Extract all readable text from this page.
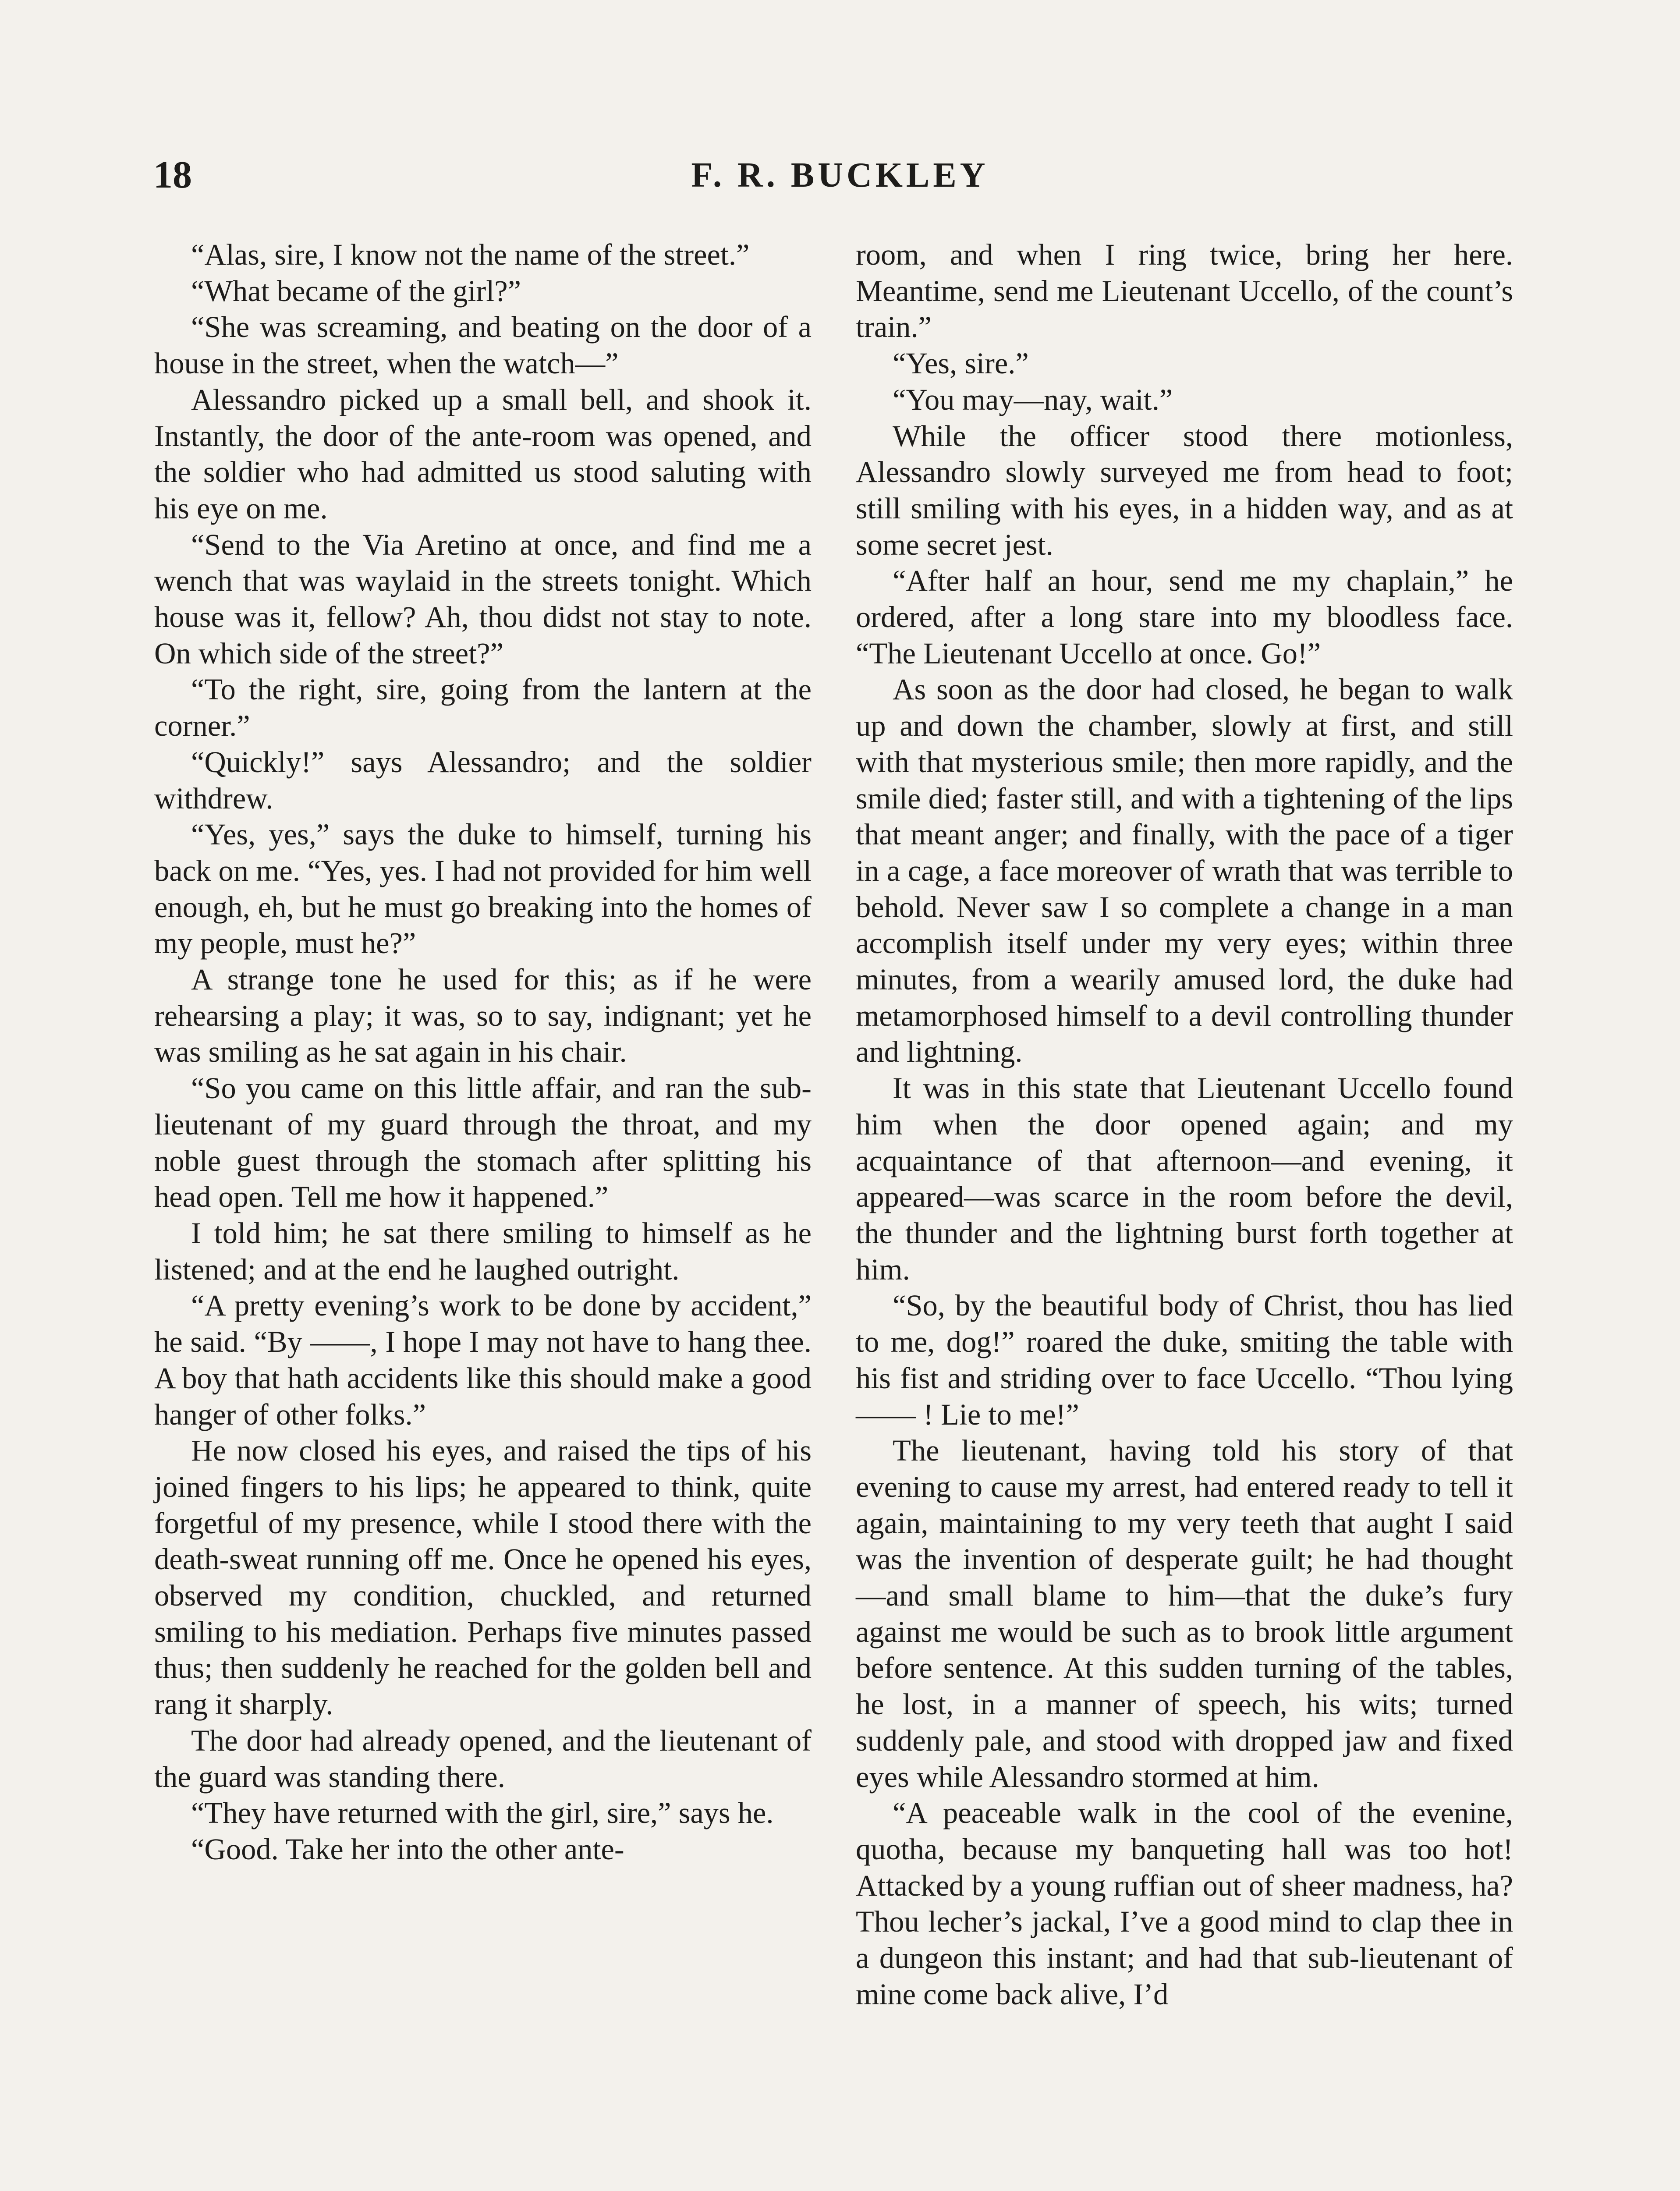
18	F. R. BUCKLEY

“Alas, sire, I know not the name of the street.”

“What became of the girl?”

“She was screaming, and beating on the door of a house in the street, when the watch—”

Alessandro picked up a small bell, and shook it. Instantly, the door of the ante-room was opened, and the soldier who had admitted us stood saluting with his eye on me.

“Send to the Via Aretino at once, and find me a wench that was waylaid in the streets tonight. Which house was it, fellow? Ah, thou didst not stay to note. On which side of the street?”

“To the right, sire, going from the lantern at the corner.”

“Quickly!” says Alessandro; and the soldier withdrew.

“Yes, yes,” says the duke to himself, turning his back on me. “Yes, yes. I had not provided for him well enough, eh, but he must go breaking into the homes of my people, must he?”

A strange tone he used for this; as if he were rehearsing a play; it was, so to say, indignant; yet he was smiling as he sat again in his chair.

“So you came on this little affair, and ran the sub-lieutenant of my guard through the throat, and my noble guest through the stomach after splitting his head open. Tell me how it happened.”

I told him; he sat there smiling to himself as he listened; and at the end he laughed outright.

“A pretty evening’s work to be done by accident,” he said. “By ——, I hope I may not have to hang thee. A boy that hath accidents like this should make a good hanger of other folks.”

He now closed his eyes, and raised the tips of his joined fingers to his lips; he appeared to think, quite forgetful of my presence, while I stood there with the death-sweat running off me. Once he opened his eyes, observed my condition, chuckled, and returned smiling to his mediation. Perhaps five minutes passed thus; then suddenly he reached for the golden bell and rang it sharply.

The door had already opened, and the lieutenant of the guard was standing there.

“They have returned with the girl, sire,” says he.

“Good. Take her into the other ante-

room, and when I ring twice, bring her here. Meantime, send me Lieutenant Uccello, of the count’s train.”

“Yes, sire.”

“You may—nay, wait.”

While the officer stood there motionless, Alessandro slowly surveyed me from head to foot; still smiling with his eyes, in a hidden way, and as at some secret jest.

“After half an hour, send me my chaplain,” he ordered, after a long stare into my bloodless face. “The Lieutenant Uccello at once. Go!”

As soon as the door had closed, he began to walk up and down the chamber, slowly at first, and still with that mysterious smile; then more rapidly, and the smile died; faster still, and with a tightening of the lips that meant anger; and finally, with the pace of a tiger in a cage, a face moreover of wrath that was terrible to behold. Never saw I so complete a change in a man accomplish itself under my very eyes; within three minutes, from a wearily amused lord, the duke had metamorphosed himself to a devil controlling thunder and lightning.

It was in this state that Lieutenant Uccello found him when the door opened again; and my acquaintance of that afternoon—and evening, it appeared—was scarce in the room before the devil, the thunder and the lightning burst forth together at him.

“So, by the beautiful body of Christ, thou has lied to me, dog!” roared the duke, smiting the table with his fist and striding over to face Uccello. “Thou lying —— ! Lie to me!”

The lieutenant, having told his story of that evening to cause my arrest, had entered ready to tell it again, maintaining to my very teeth that aught I said was the invention of desperate guilt; he had thought —and small blame to him—that the duke’s fury against me would be such as to brook little argument before sentence. At this sudden turning of the tables, he lost, in a manner of speech, his wits; turned suddenly pale, and stood with dropped jaw and fixed eyes while Alessandro stormed at him.

“A peaceable walk in the cool of the evenine, quotha, because my banqueting hall was too hot! Attacked by a young ruffian out of sheer madness, ha? Thou lecher’s jackal, I’ve a good mind to clap thee in a dungeon this instant; and had that sub-lieutenant of mine come back alive, I’d
